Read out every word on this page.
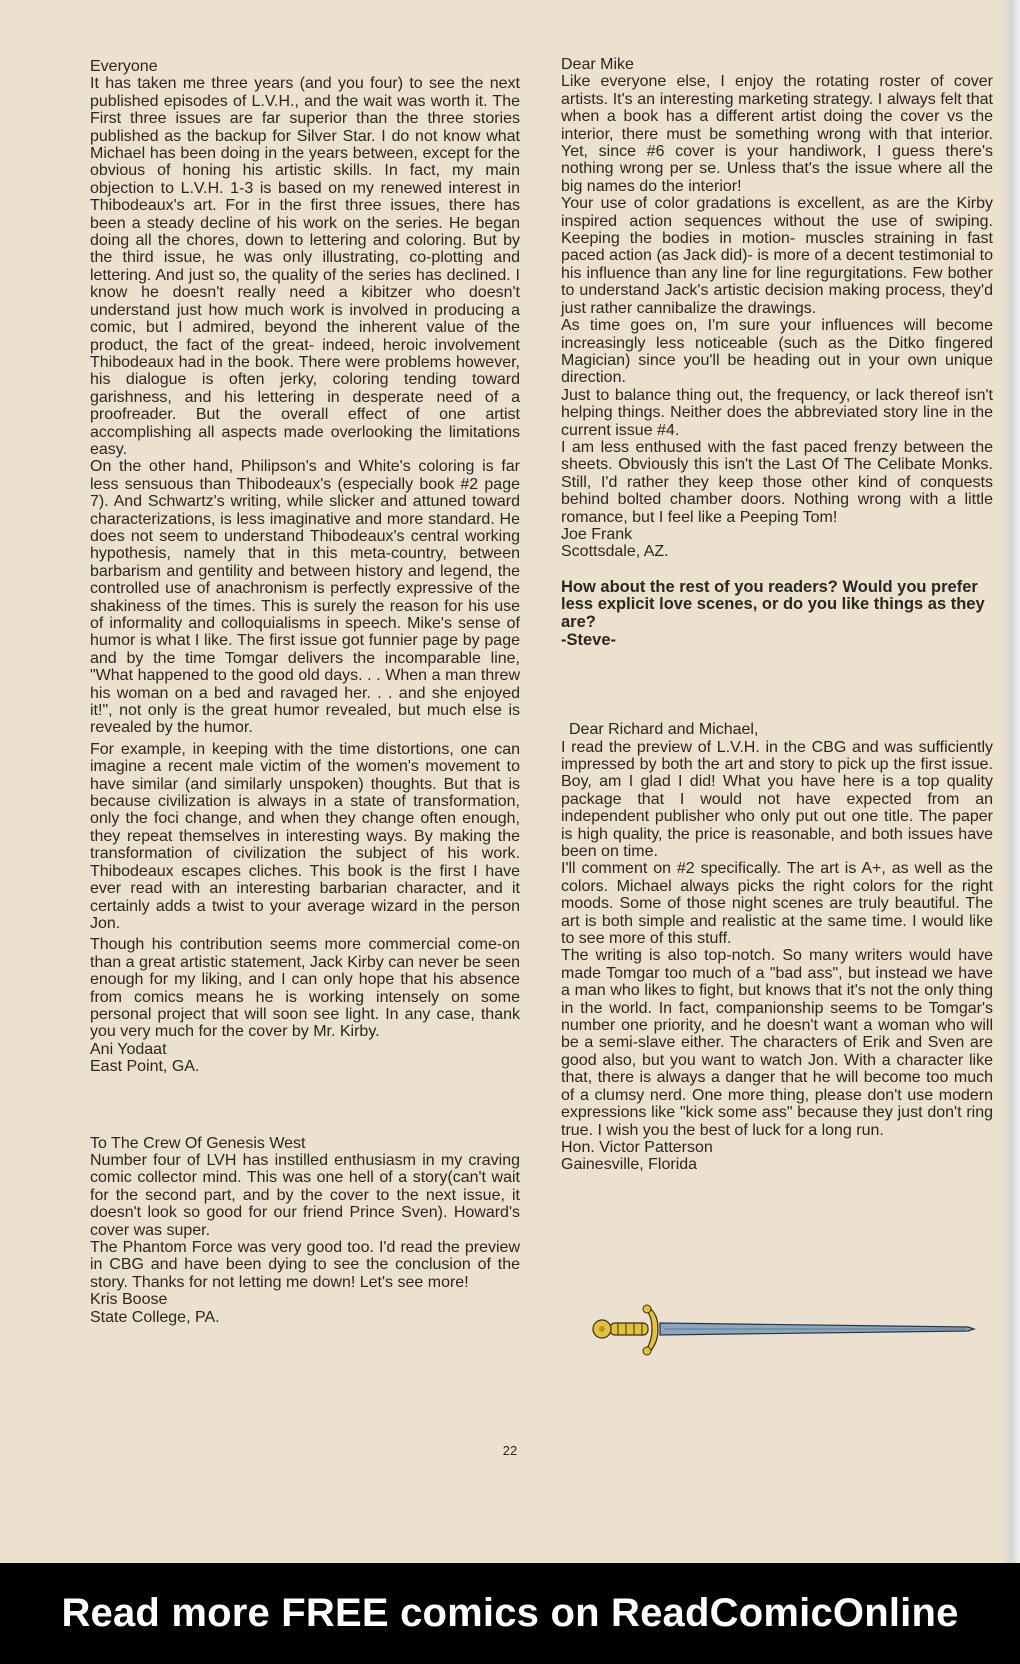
Everyone

It has taken me three years (and you four) to see the next published episodes of L.V.H., and the wait was worth it. The First three issues are far superior than the three stories published as the backup for Silver Star. I do not know what Michael has been doing in the years between, except for the obvious of honing his artistic skills. In fact, my main objection to L.V.H. 1-3 is based on my renewed interest in Thibodeaux's art. For in the first three issues, there has been a steady decline of his work on the series. He began doing all the chores, down to lettering and coloring. But by the third issue, he was only illustrating, co-plotting and lettering. And just so, the quality of the series has declined. I know he doesn't really need a kibitzer who doesn't understand just how much work is involved in producing a comic, but I admired, beyond the inherent value of the product, the fact of the great- indeed, heroic involvement Thibodeaux had in the book. There were problems however, his dialogue is often jerky, coloring tending toward garishness, and his lettering in desperate need of a proofreader. But the overall effect of one artist accomplishing all aspects made overlooking the limitations easy.

On the other hand, Philipson's and White's coloring is far less sensuous than Thibodeaux's (especially book #2 page 7). And Schwartz's writing, while slicker and attuned toward characterizations, is less imaginative and more standard. He does not seem to understand Thibodeaux's central working hypothesis, namely that in this meta-country, between barbarism and gentility and between history and legend, the controlled use of anachronism is perfectly expressive of the shakiness of the times. This is surely the reason for his use of informality and colloquialisms in speech. Mike's sense of humor is what I like. The first issue got funnier page by page and by the time Tomgar delivers the incomparable line, "What happened to the good old days. . . When a man threw his woman on a bed and ravaged her. . . and she enjoyed it!", not only is the great humor revealed, but much else is revealed by the humor.

For example, in keeping with the time distortions, one can imagine a recent male victim of the women's movement to have similar (and similarly unspoken) thoughts. But that is because civilization is always in a state of transformation, only the foci change, and when they change often enough, they repeat themselves in interesting ways. By making the transformation of civilization the subject of his work. Thibodeaux escapes cliches. This book is the first I have ever read with an interesting barbarian character, and it certainly adds a twist to your average wizard in the person Jon.

Though his contribution seems more commercial come-on than a great artistic statement, Jack Kirby can never be seen enough for my liking, and I can only hope that his absence from comics means he is working intensely on some personal project that will soon see light. In any case, thank you very much for the cover by Mr. Kirby.

Ani Yodaat

East Point, GA.

To The Crew Of Genesis West

Number four of LVH has instilled enthusiasm in my craving comic collector mind. This was one hell of a story(can't wait for the second part, and by the cover to the next issue, it doesn't look so good for our friend Prince Sven). Howard's cover was super.

The Phantom Force was very good too. I'd read the preview in CBG and have been dying to see the conclusion of the story. Thanks for not letting me down! Let's see more!

Kris Boose

State College, PA.

Dear Mike

Like everyone else, I enjoy the rotating roster of cover artists. It's an interesting marketing strategy. I always felt that when a book has a different artist doing the cover vs the interior, there must be something wrong with that interior. Yet, since #6 cover is your handiwork, I guess there's nothing wrong per se. Unless that's the issue where all the big names do the interior!

Your use of color gradations is excellent, as are the Kirby inspired action sequences without the use of swiping. Keeping the bodies in motion- muscles straining in fast paced action (as Jack did)- is more of a decent testimonial to his influence than any line for line regurgitations. Few bother to understand Jack's artistic decision making process, they'd just rather cannibalize the drawings.

As time goes on, I'm sure your influences will become increasingly less noticeable (such as the Ditko fingered Magician) since you'll be heading out in your own unique direction.

Just to balance thing out, the frequency, or lack thereof isn't helping things. Neither does the abbreviated story line in the current issue #4.

I am less enthused with the fast paced frenzy between the sheets. Obviously this isn't the Last Of The Celibate Monks. Still, I'd rather they keep those other kind of conquests behind bolted chamber doors. Nothing wrong with a little romance, but I feel like a Peeping Tom!

Joe Frank

Scottsdale, AZ.

How about the rest of you readers? Would you prefer less explicit love scenes, or do you like things as they are?
-Steve-

Dear Richard and Michael,

I read the preview of L.V.H. in the CBG and was sufficiently impressed by both the art and story to pick up the first issue. Boy, am I glad I did! What you have here is a top quality package that I would not have expected from an independent publisher who only put out one title. The paper is high quality, the price is reasonable, and both issues have been on time.

I'll comment on #2 specifically. The art is A+, as well as the colors. Michael always picks the right colors for the right moods. Some of those night scenes are truly beautiful. The art is both simple and realistic at the same time. I would like to see more of this stuff.

The writing is also top-notch. So many writers would have made Tomgar too much of a "bad ass", but instead we have a man who likes to fight, but knows that it's not the only thing in the world. In fact, companionship seems to be Tomgar's number one priority, and he doesn't want a woman who will be a semi-slave either. The characters of Erik and Sven are good also, but you want to watch Jon. With a character like that, there is always a danger that he will become too much of a clumsy nerd. One more thing, please don't use modern expressions like "kick some ass" because they just don't ring true. I wish you the best of luck for a long run.

Hon. Victor Patterson

Gainesville, Florida

22
Read more FREE comics on ReadComicOnline
